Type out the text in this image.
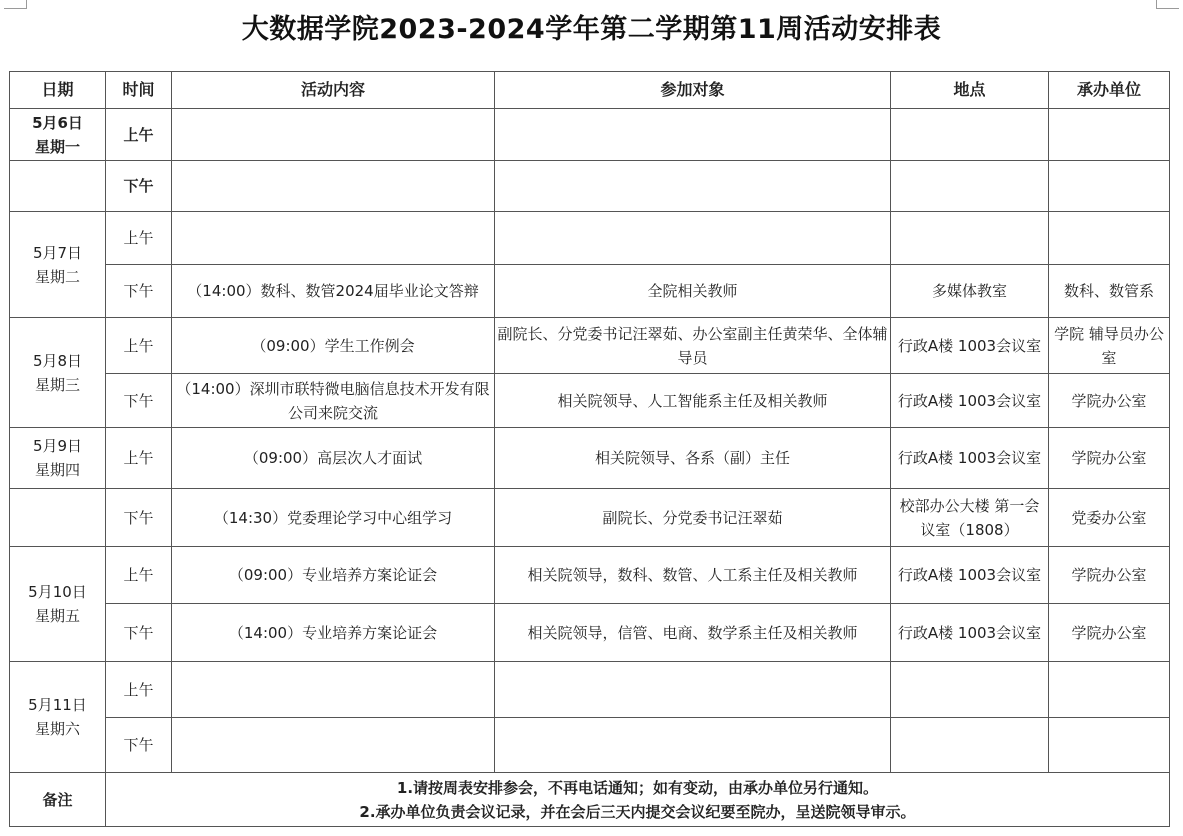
大数据学院2023-2024学年第二学期第11周活动安排表
日期	时间	活动内容	参加对象	地点	承办单位
5月6日
星期一	上午				
	下午				
5月7日
星期二	上午				
	下午	（14:00）数科、数管2024届毕业论文答辩	全院相关教师	多媒体教室	数科、数管系
5月8日
星期三	上午	（09:00）学生工作例会	副院长、分党委书记汪翠茹、办公室副主任黄荣华、全体辅导员	行政A楼 1003会议室	学院 辅导员办公室
	下午	（14:00）深圳市联特微电脑信息技术开发有限公司来院交流	相关院领导、人工智能系主任及相关教师	行政A楼 1003会议室	学院办公室
5月9日
星期四	上午	（09:00）高层次人才面试	相关院领导、各系（副）主任	行政A楼 1003会议室	学院办公室
	下午	（14:30）党委理论学习中心组学习	副院长、分党委书记汪翠茹	校部办公大楼 第一会议室（1808）	党委办公室
5月10日
星期五	上午	（09:00）专业培养方案论证会	相关院领导，数科、数管、人工系主任及相关教师	行政A楼 1003会议室	学院办公室
	下午	（14:00）专业培养方案论证会	相关院领导，信管、电商、数学系主任及相关教师	行政A楼 1003会议室	学院办公室
5月11日
星期六	上午				
	下午				
备注	1.请按周表安排参会，不再电话通知；如有变动，由承办单位另行通知。
2.承办单位负责会议记录，并在会后三天内提交会议纪要至院办，呈送院领导审示。				
